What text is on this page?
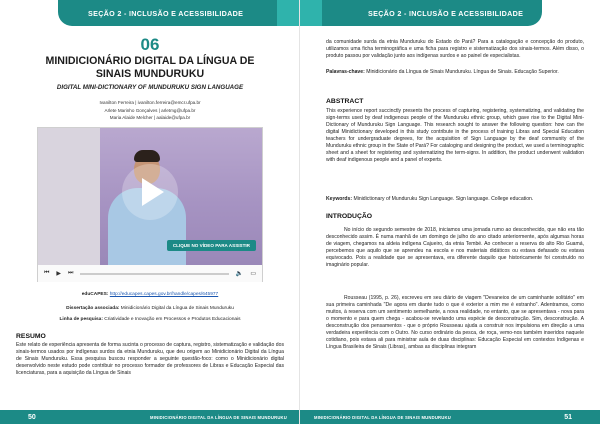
SEÇÃO 2 - INCLUSÃO E ACESSIBILIDADE
06
MINIDICIONÁRIO DIGITAL DA LÍNGUA DE SINAIS MUNDURUKU
DIGITAL MINI-DICTIONARY OF MUNDURUKU SIGN LANGUAGE
Ivanilton Ferreira | ivanilton.ferreira@emcr.ufpa.br
Arlete Marinho Gonçalves | arletmg@ufpa.br
Maria Alaide Melcher | aalaide@ufpa.br
CLIQUE NO VÍDEO PARA ASSISTIR
⏮ ▶ ⏭	🔈 ▭
eduCAPES: http://educapes.capes.gov.br/handle/capes/645977
Dissertação associada: Minidicionário Digital da Língua de Sinais Munduruku
Linha de pesquisa: Criatividade e Inovação em Processos e Produtos Educacionais
RESUMO
Este relato de experiência apresenta de forma sucinta o processo de captura, registro, sistematização e validação dos sinais-termos usados por indígenas surdos da etnia Munduruku, que deu origem ao Minidicionário Digital da Língua de Sinais Munduruku. Essa pesquisa buscou responder a seguinte questão-foco: como o Minidicionário digital desenvolvido neste estudo pode contribuir no processo formador de professores de Libras e Educação Especial das licenciaturas, para a aquisição da Língua de Sinais
50	MINIDICIONÁRIO DIGITAL DA LÍNGUA DE SINAIS MUNDURUKU
SEÇÃO 2 - INCLUSÃO E ACESSIBILIDADE
da comunidade surda da etnia Munduruku do Estado do Pará? Para a catalogação e concepção do produto, utilizamos uma ficha terminográfica e uma ficha para registro e sistematização dos sinais-termos. Além disso, o produto passou por validação junto aos indígenas surdos e ao painel de especialistas.
Palavras-chave: Minidicionário da Língua de Sinais Munduruku. Língua de Sinais. Educação Superior.
ABSTRACT
This experience report succinctly presents the process of capturing, registering, systematizing, and validating the sign-terms used by deaf indigenous people of the Munduruku ethnic group, which gave rise to the Digital Mini-Dictionary of Munduruku Sign Language. This research sought to answer the following question: how can the digital Minidictionary developed in this study contribute in the process of training Libras and Special Education teachers for undergraduate degrees, for the acquisition of Sign Language by the deaf community of the Munduruku ethnic group in the State of Pará? For cataloging and designing the product, we used a terminographic sheet and a sheet for registering and systematizing the term-signs. In addition, the product underwent validation with deaf indigenous people and a panel of experts.
Keywords: Minidictionary of Munduruku Sign Language. Sign language. College education.
INTRODUÇÃO
No início do segundo semestre de 2018, iniciamos uma jornada rumo ao desconhecido, que não era tão desconhecido assim. É numa manhã de um domingo de julho do ano citado anteriormente, após algumas horas de viagem, chegamos na aldeia indígena Cajueiro, da etnia Tembé. Ao conhecer a reserva do alto Rio Guamá, percebemos que aquilo que se aprendeu na escola e nos materiais didáticos ou estava defasado ou estava equivocado. Pois a realidade que se apresentava, era diferente daquilo que historicamente foi construído no imaginário popular.
Rousseau (1995, p. 26), escreveu em seu diário de viagem "Devaneios de um caminhante solitário" em sua primeira caminhada "De agora em diante tudo o que é exterior a mim me é estranho". Adentramos, como muitos, à reserva com um sentimento semelhante, a nova realidade, no entanto, que se apresentava - nova para o momento e para quem chega - acabou-se revelando uma espécie de desconstrução. Sim, desconstrução. A desconstrução dos pensamentos - que o próprio Rousseau ajuda a construir nos impulsiona em direção a uma verdadeira experiência com o Outro. No curso ordinário da pesca, de roça, vemo-nos também inseridos naquele cotidiano, pois estava ali para ministrar aula de duas disciplinas: Educação Especial em contextos Indígenas e Língua Brasileira de Sinais (Libras), ambas as disciplinas integram
MINIDICIONÁRIO DIGITAL DA LÍNGUA DE SINAIS MUNDURUKU	51
